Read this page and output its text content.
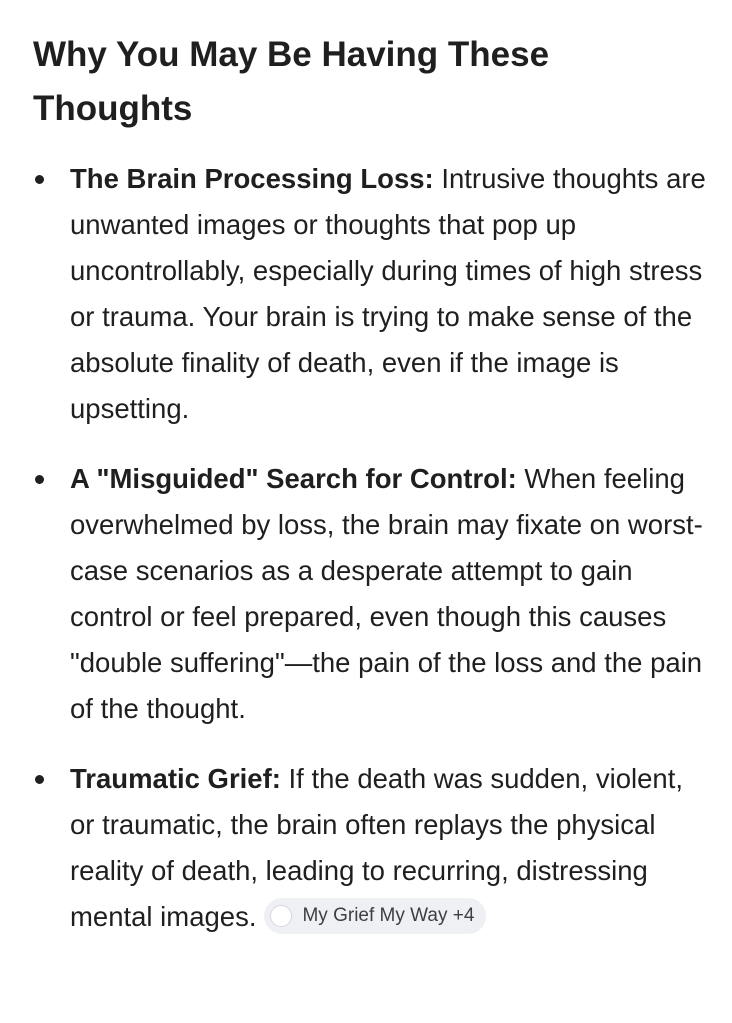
Why You May Be Having These Thoughts
The Brain Processing Loss: Intrusive thoughts are unwanted images or thoughts that pop up uncontrollably, especially during times of high stress or trauma. Your brain is trying to make sense of the absolute finality of death, even if the image is upsetting.
A "Misguided" Search for Control: When feeling overwhelmed by loss, the brain may fixate on worst-case scenarios as a desperate attempt to gain control or feel prepared, even though this causes "double suffering"—the pain of the loss and the pain of the thought.
Traumatic Grief: If the death was sudden, violent, or traumatic, the brain often replays the physical reality of death, leading to recurring, distressing mental images. My Grief My Way +4
